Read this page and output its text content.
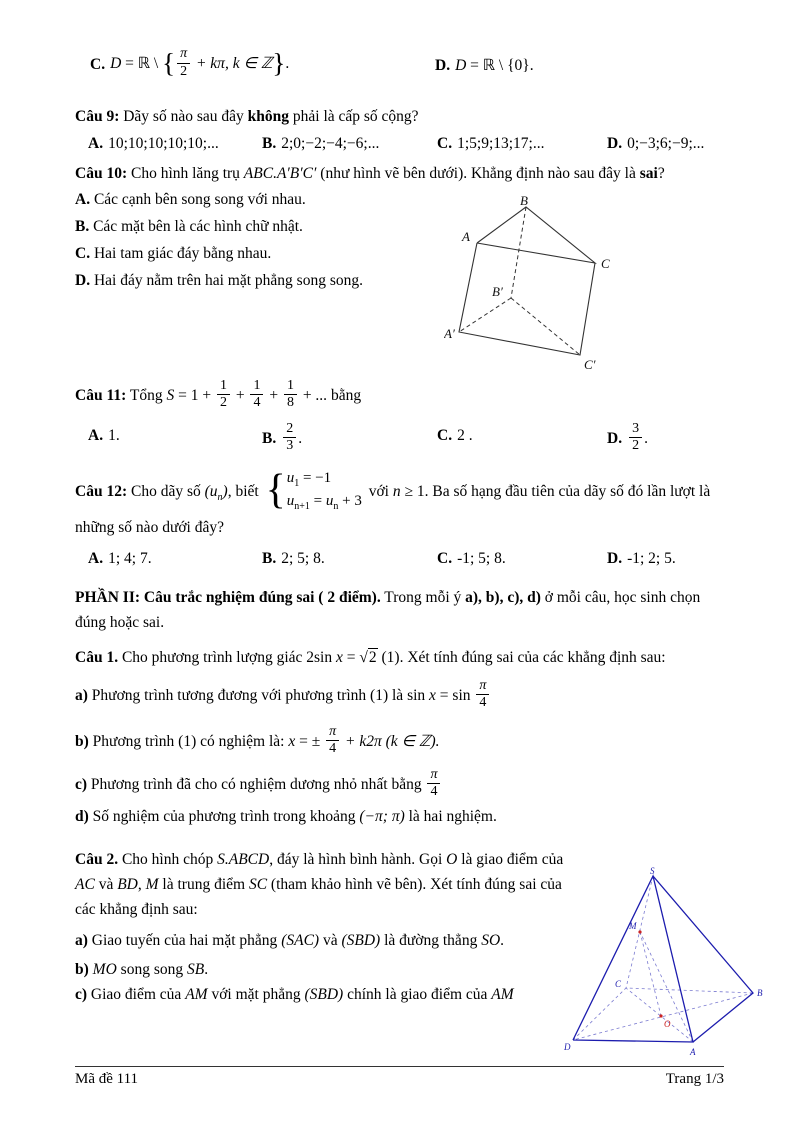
C. D = ℝ \ { $\frac{\pi}{2} + k\pi$, k ∈ ℤ}.	D. D = ℝ \ {0}.
Câu 9: Dãy số nào sau đây không phải là cấp số cộng?
A. 10;10;10;10;10;...	B. 2;0;−2;−4;−6;...	C. 1;5;9;13;17;...	D. 0;−3;6;−9;...
Câu 10: Cho hình lăng trụ ABC.A′B′C′ (như hình vẽ bên dưới). Khẳng định nào sau đây là sai?
A. Các cạnh bên song song với nhau.
B. Các mặt bên là các hình chữ nhật.
C. Hai tam giác đáy bằng nhau.
D. Hai đáy nằm trên hai mặt phẳng song song.
Câu 11: Tổng $S = 1 + \frac{1}{2} + \frac{1}{4} + \frac{1}{8}$ + ... bằng
A. 1.	B. $\frac{2}{3}$ .	C. 2 .	D. $\frac{3}{2}$ .
Câu 12: Cho dãy số $(u_n)$, biết { $u_1 = -1$
$u_{n+1} = u_n + 3$
với n ≥ 1. Ba số hạng đầu tiên của dãy số đó lần lượt là
những số nào dưới đây?
A. 1; 4; 7.	B. 2; 5; 8.	C. -1; 5; 8.	D. -1; 2; 5.
PHẦN II: Câu trắc nghiệm đúng sai ( 2 điểm). Trong mỗi ý a), b), c), d) ở mỗi câu, học sinh chọn đúng hoặc sai.
Câu 1. Cho phương trình lượng giác 2sin x = √2 (1). Xét tính đúng sai của các khẳng định sau:
a) Phương trình tương đương với phương trình (1) là $\sin x = \sin \frac{\pi}{4}$
b) Phương trình (1) có nghiệm là: x = ± $\frac{\pi}{4} + k2\pi$ (k ∈ ℤ).
c) Phương trình đã cho có nghiệm dương nhỏ nhất bằng $\frac{\pi}{4}$
d) Số nghiệm của phương trình trong khoảng (−π; π) là hai nghiệm.
Câu 2. Cho hình chóp S.ABCD, đáy là hình bình hành. Gọi O là giao điểm của AC và BD, M là trung điểm SC (tham khảo hình vẽ bên). Xét tính đúng sai của các khẳng định sau:
a) Giao tuyến của hai mặt phẳng (SAC) và (SBD) là đường thẳng SO.
b) MO song song SB.
c) Giao điểm của AM với mặt phẳng (SBD) chính là giao điểm của AM
B
A
C
B′
A′
C′
S
M
C
B
O
D	A
Mã đề 111	Trang 1/3
